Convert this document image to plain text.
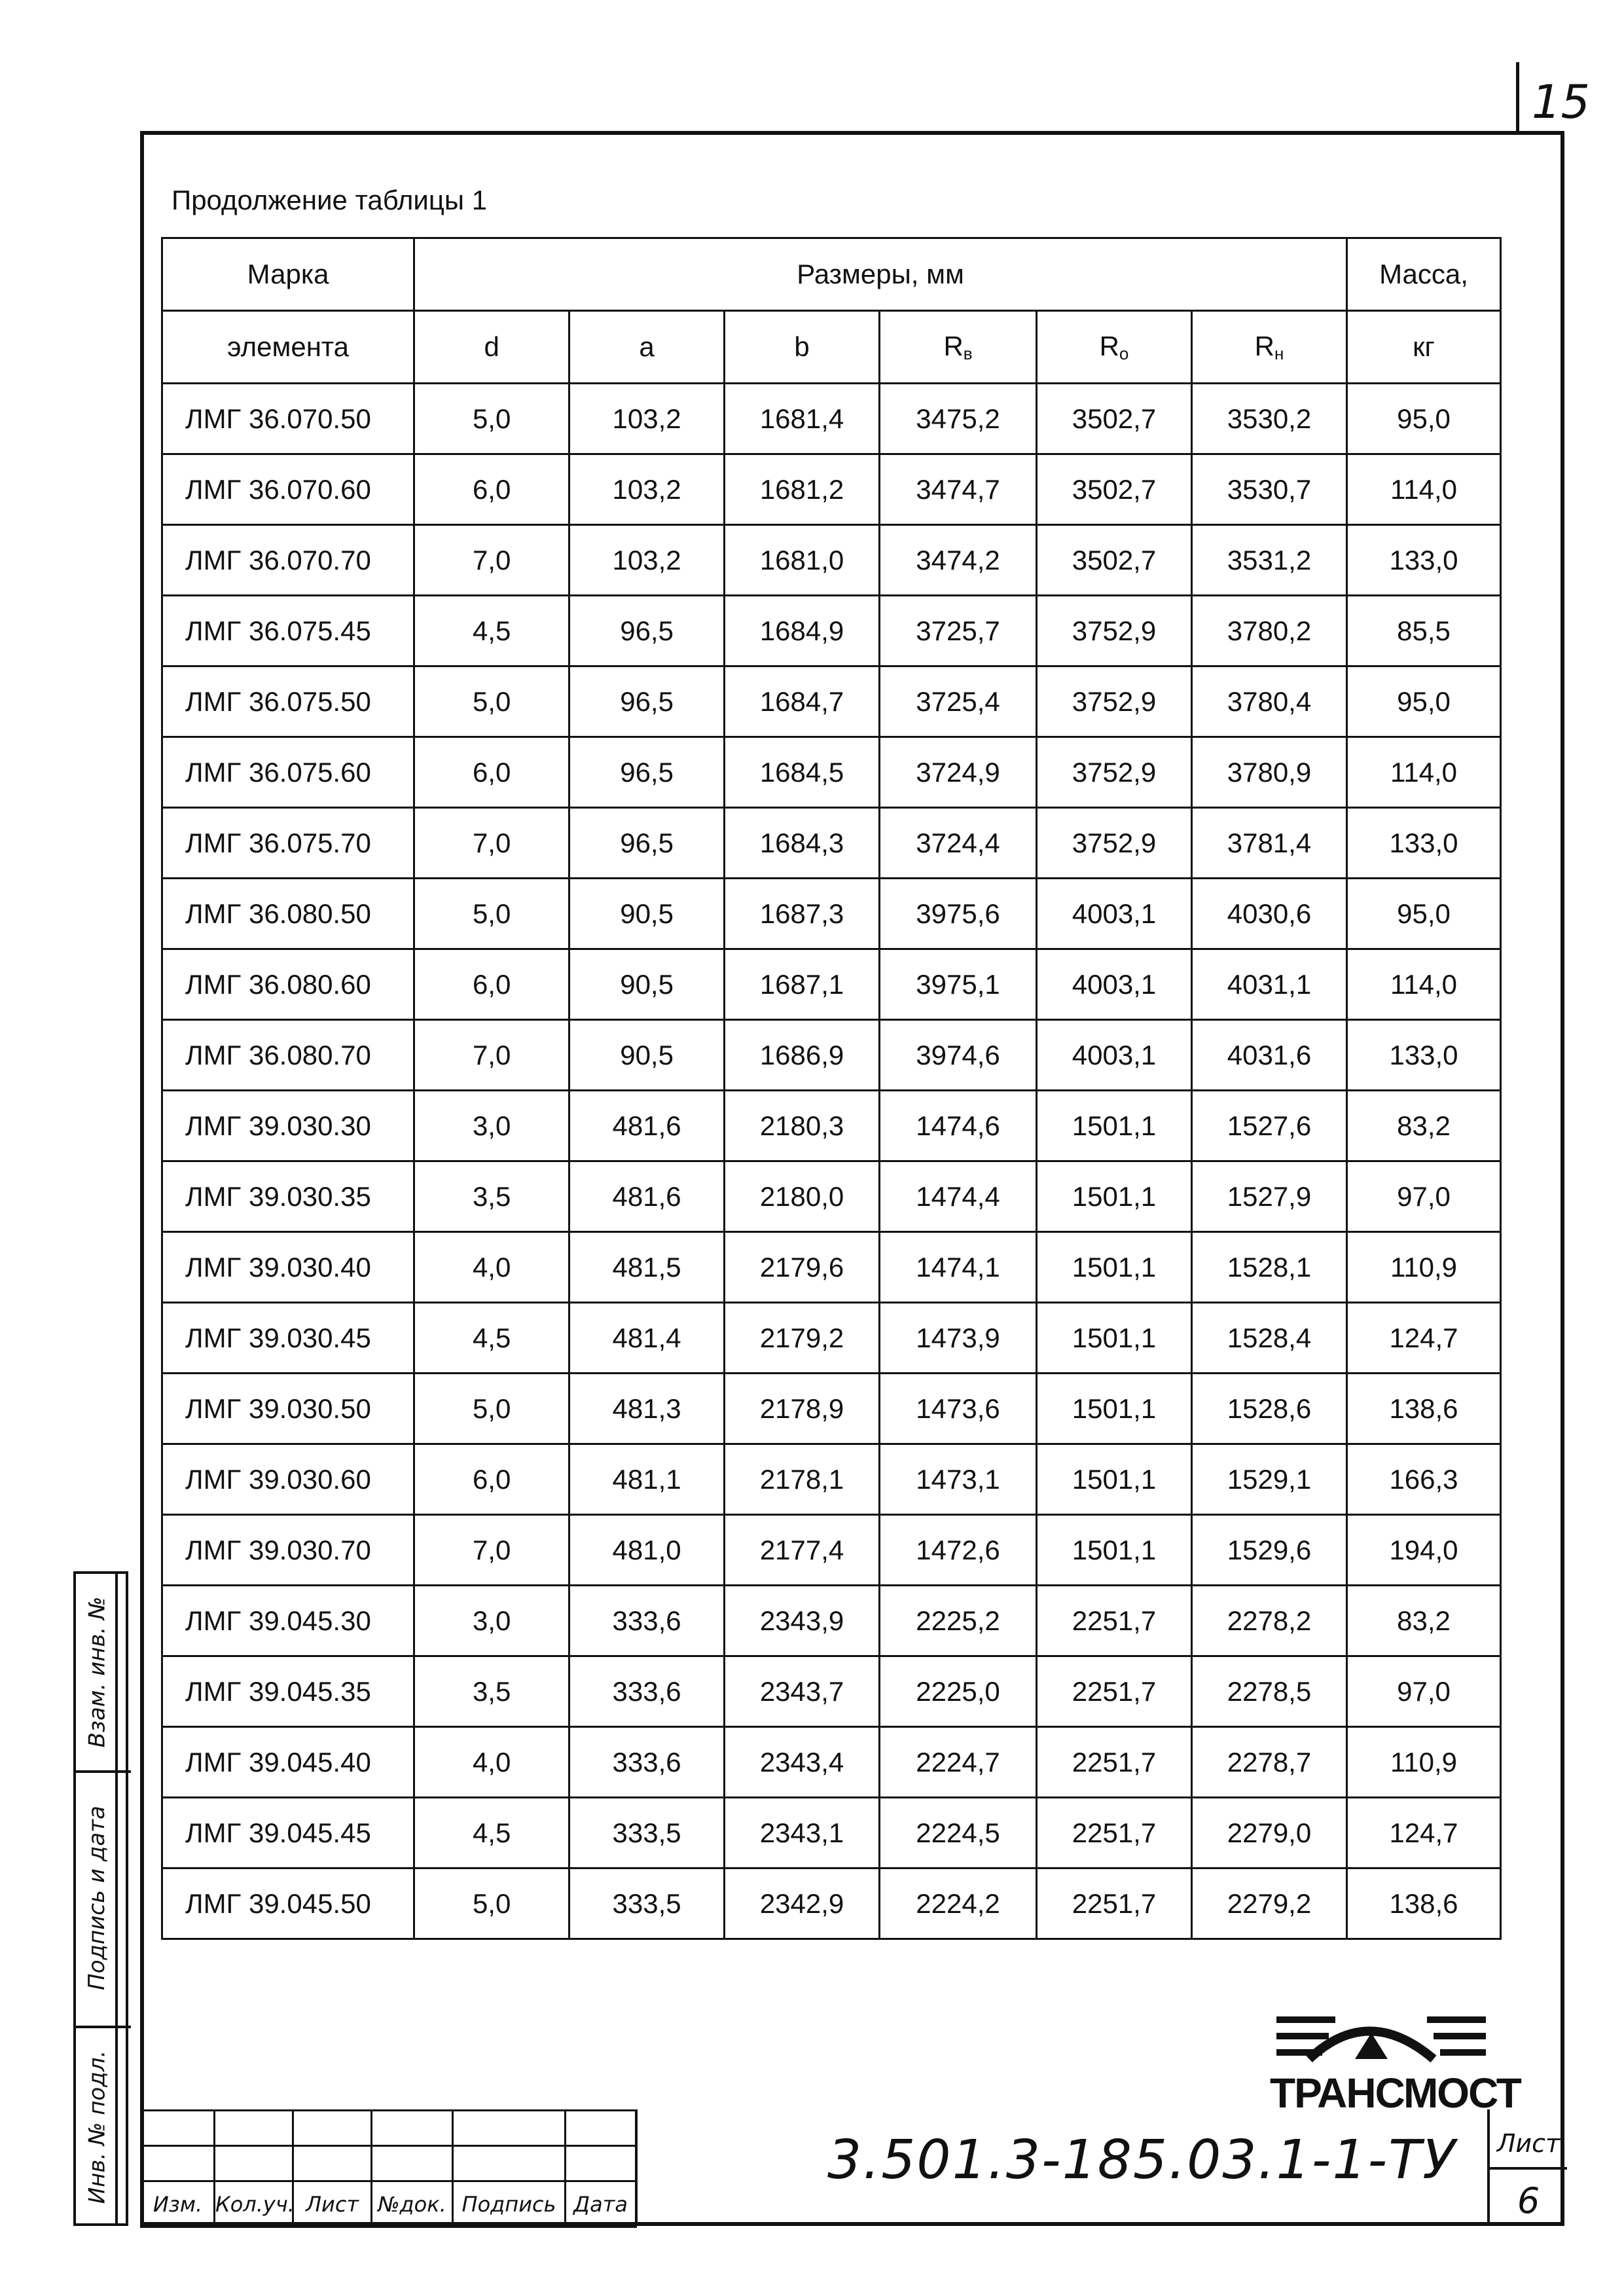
15
Продолжение таблицы 1
Марка	Размеры, мм						Масса,
элемента	d	a	b	$R_в$	$R_о$	$R_н$	кг
ЛМГ 36.070.50	5,0	103,2	1681,4	3475,2	3502,7	3530,2	95,0
ЛМГ 36.070.60	6,0	103,2	1681,2	3474,7	3502,7	3530,7	114,0
ЛМГ 36.070.70	7,0	103,2	1681,0	3474,2	3502,7	3531,2	133,0
ЛМГ 36.075.45	4,5	96,5	1684,9	3725,7	3752,9	3780,2	85,5
ЛМГ 36.075.50	5,0	96,5	1684,7	3725,4	3752,9	3780,4	95,0
ЛМГ 36.075.60	6,0	96,5	1684,5	3724,9	3752,9	3780,9	114,0
ЛМГ 36.075.70	7,0	96,5	1684,3	3724,4	3752,9	3781,4	133,0
ЛМГ 36.080.50	5,0	90,5	1687,3	3975,6	4003,1	4030,6	95,0
ЛМГ 36.080.60	6,0	90,5	1687,1	3975,1	4003,1	4031,1	114,0
ЛМГ 36.080.70	7,0	90,5	1686,9	3974,6	4003,1	4031,6	133,0
ЛМГ 39.030.30	3,0	481,6	2180,3	1474,6	1501,1	1527,6	83,2
ЛМГ 39.030.35	3,5	481,6	2180,0	1474,4	1501,1	1527,9	97,0
ЛМГ 39.030.40	4,0	481,5	2179,6	1474,1	1501,1	1528,1	110,9
ЛМГ 39.030.45	4,5	481,4	2179,2	1473,9	1501,1	1528,4	124,7
ЛМГ 39.030.50	5,0	481,3	2178,9	1473,6	1501,1	1528,6	138,6
ЛМГ 39.030.60	6,0	481,1	2178,1	1473,1	1501,1	1529,1	166,3
ЛМГ 39.030.70	7,0	481,0	2177,4	1472,6	1501,1	1529,6	194,0
ЛМГ 39.045.30	3,0	333,6	2343,9	2225,2	2251,7	2278,2	83,2
ЛМГ 39.045.35	3,5	333,6	2343,7	2225,0	2251,7	2278,5	97,0
ЛМГ 39.045.40	4,0	333,6	2343,4	2224,7	2251,7	2278,7	110,9
ЛМГ 39.045.45	4,5	333,5	2343,1	2224,5	2251,7	2279,0	124,7
ЛМГ 39.045.50	5,0	333,5	2342,9	2224,2	2251,7	2279,2	138,6
Взам. инв. №
Подпись и дата
Инв. № подл.	ТРАНСМОСТ

Изм.	Кол.уч.	Лист	№док.	Подпись	Дата
3.501.3-185.03.1-1-ТУ Лист
6
